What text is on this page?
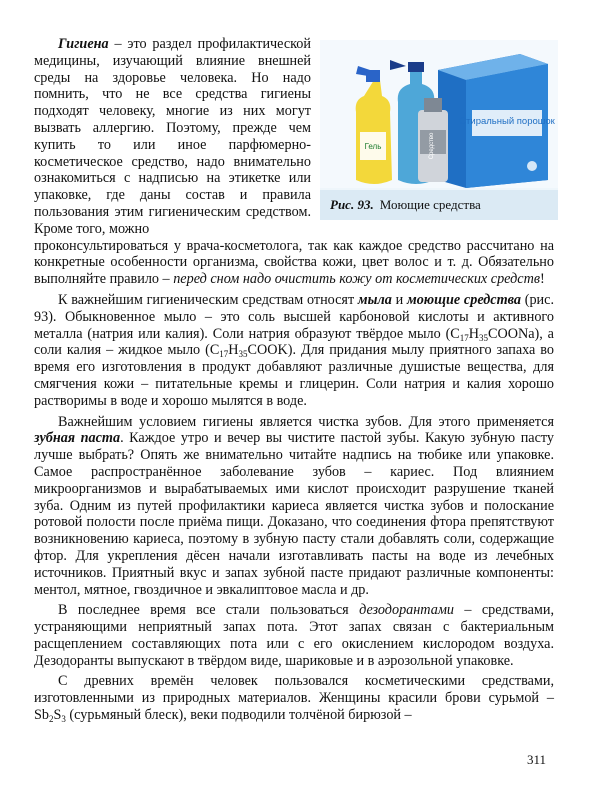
Стиральный порошок
Гель	Средство
Рис. 93. Моющие средства

Гигиена – это раздел профилактической медицины, изучающий влияние внешней среды на здоровье человека. Но надо помнить, что не все средства гигиены подходят человеку, многие из них могут вызвать аллергию. Поэтому, прежде чем купить то или иное парфюмерно-косметическое средство, надо внимательно ознакомиться с надписью на этикетке или упаковке, где даны состав и правила пользования этим гигиеническим средством. Кроме того, можно

проконсультироваться у врача-косметолога, так как каждое средство рассчитано на конкретные особенности организма, свойства кожи, цвет волос и т. д. Обязательно выполняйте правило – перед сном надо очистить кожу от косметических средств!

К важнейшим гигиеническим средствам относят мыла и моющие средства (рис. 93). Обыкновенное мыло – это соль высшей карбоновой кислоты и активного металла (натрия или калия). Соли натрия образуют твёрдое мыло $(C_{17}H_{35}COONa)$, а соли калия – жидкое мыло $(C_{17}H_{35}COOK)$. Для придания мылу приятного запаха во время его изготовления в продукт добавляют различные душистые вещества, для смягчения кожи – питательные кремы и глицерин. Соли натрия и калия хорошо растворимы в воде и хорошо мылятся в воде.

Важнейшим условием гигиены является чистка зубов. Для этого применяется зубная паста. Каждое утро и вечер вы чистите пастой зубы. Какую зубную пасту лучше выбрать? Опять же внимательно читайте надпись на тюбике или упаковке. Самое распространённое заболевание зубов – кариес. Под влиянием микроорганизмов и вырабатываемых ими кислот происходит разрушение тканей зуба. Одним из путей профилактики кариеса является чистка зубов и полоскание ротовой полости после приёма пищи. Доказано, что соединения фтора препятствуют возникновению кариеса, поэтому в зубную пасту стали добавлять соли, содержащие фтор. Для укрепления дёсен начали изготавливать пасты на воде из лечебных источников. Приятный вкус и запах зубной пасте придают различные компоненты: ментол, мятное, гвоздичное и эвкалиптовое масла и др.

В последнее время все стали пользоваться дезодорантами – средствами, устраняющими неприятный запах пота. Этот запах связан с бактериальным расщеплением составляющих пота или с его окислением кислородом воздуха. Дезодоранты выпускают в твёрдом виде, шариковые и в аэрозольной упаковке.

С древних времён человек пользовался косметическими средствами, изготовленными из природных материалов. Женщины красили брови сурьмой – $Sb_2S_3$ (сурьмяный блеск), веки подводили толчёной бирюзой –

311
